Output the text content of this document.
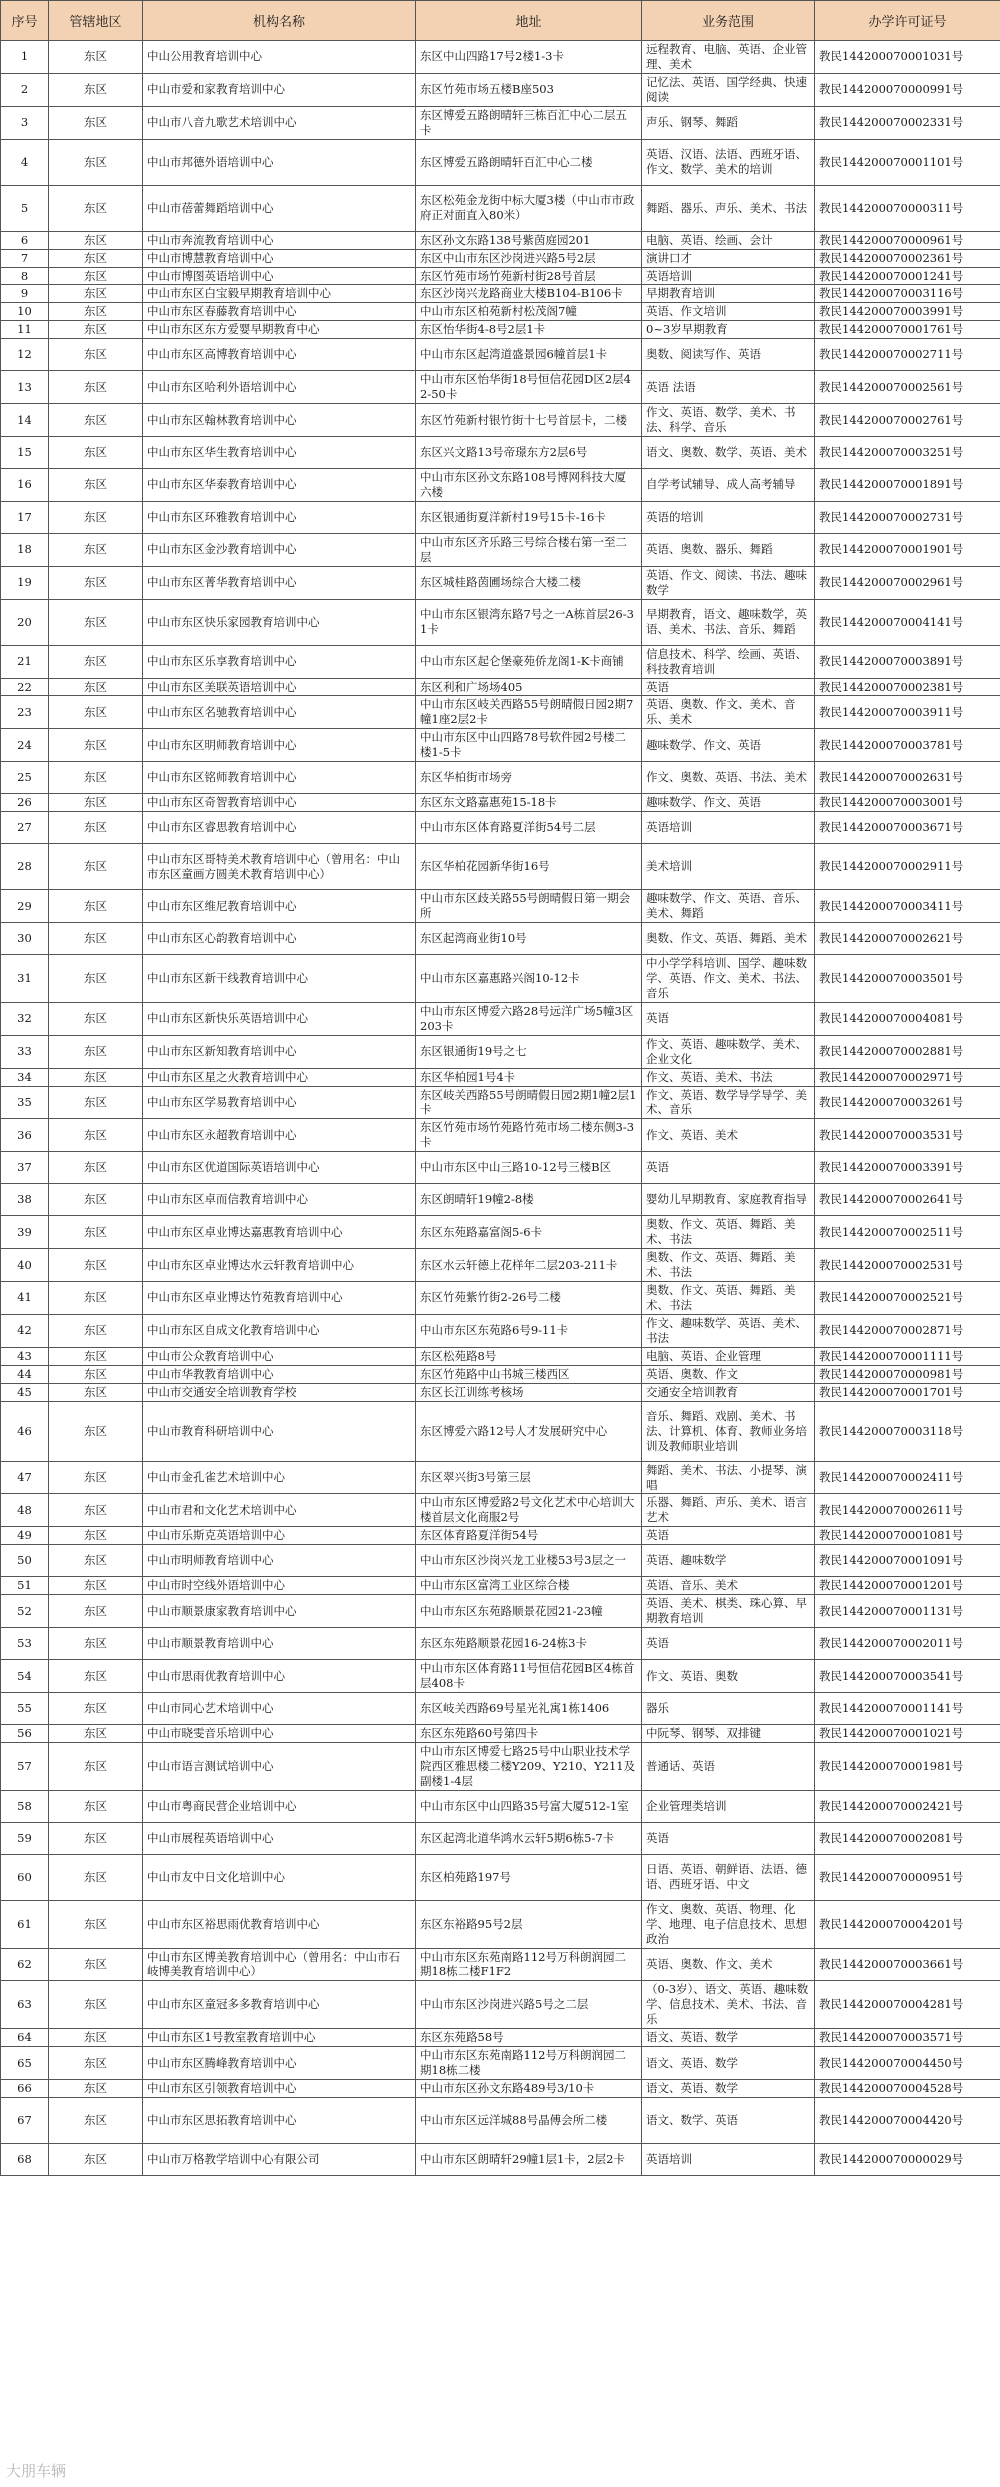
序号	管辖地区	机构名称	地址	业务范围	办学许可证号
1	东区	中山公用教育培训中心	东区中山四路17号2楼1-3卡	远程教育、电脑、英语、企业管理、美术	教民144200070001031号
2	东区	中山市爱和家教育培训中心	东区竹苑市场五楼B座503	记忆法、英语、国学经典、快速阅读	教民144200070000991号
3	东区	中山市八音九歌艺术培训中心	东区博爱五路朗晴轩三栋百汇中心二层五卡	声乐、钢琴、舞蹈	教民144200070002331号
4	东区	中山市邦德外语培训中心	东区博爱五路朗晴轩百汇中心二楼	英语、汉语、法语、西班牙语、作文、数学、美术的培训	教民144200070001101号
5	东区	中山市蓓蕾舞蹈培训中心	东区松苑金龙街中标大厦3楼（中山市市政府正对面直入80米）	舞蹈、器乐、声乐、美术、书法	教民144200070000311号
6	东区	中山市奔流教育培训中心	东区孙文东路138号紫茵庭园201	电脑、英语、绘画、会计	教民144200070000961号
7	东区	中山市博慧教育培训中心	东区中山市东区沙岗进兴路5号2层	演讲口才	教民144200070002361号
8	东区	中山市博图英语培训中心	东区竹苑市场竹苑新村街28号首层	英语培训	教民144200070001241号
9	东区	中山市东区白宝毅早期教育培训中心	东区沙岗兴龙路商业大楼B104-B106卡	早期教育培训	教民144200070003116号
10	东区	中山市东区春藤教育培训中心	中山市东区柏苑新村松茂阁7幢	英语、作文培训	教民144200070003991号
11	东区	中山市东区东方爱婴早期教育中心	东区怡华街4-8号2层1卡	0~3岁早期教育	教民144200070001761号
12	东区	中山市东区高博教育培训中心	中山市东区起湾道盛景园6幢首层1卡	奥数、阅读写作、英语	教民144200070002711号
13	东区	中山市东区哈利外语培训中心	中山市东区怡华街18号恒信花园D区2层42-50卡	英语 法语	教民144200070002561号
14	东区	中山市东区翰林教育培训中心	东区竹苑新村银竹街十七号首层卡，二楼	作文、英语、数学、美术、书法、科学、音乐	教民144200070002761号
15	东区	中山市东区华生教育培训中心	东区兴文路13号帝璟东方2层6号	语文、奥数、数学、英语、美术	教民144200070003251号
16	东区	中山市东区华泰教育培训中心	中山市东区孙文东路108号博网科技大厦六楼	自学考试辅导、成人高考辅导	教民144200070001891号
17	东区	中山市东区环雅教育培训中心	东区银通街夏洋新村19号15卡-16卡	英语的培训	教民144200070002731号
18	东区	中山市东区金沙教育培训中心	中山市东区齐乐路三号综合楼右第一至二层	英语、奥数、器乐、舞蹈	教民144200070001901号
19	东区	中山市东区菁华教育培训中心	东区城桂路茵圃场综合大楼二楼	英语、作文、阅读、书法、趣味数学	教民144200070002961号
20	东区	中山市东区快乐家园教育培训中心	中山市东区银湾东路7号之一A栋首层26-31卡	早期教育，语文、趣味数学，英语、美术、书法、音乐、舞蹈	教民144200070004141号
21	东区	中山市东区乐享教育培训中心	中山市东区起仑堡豪苑侨龙阁1-K卡商铺	信息技术、科学、绘画、英语、科技教育培训	教民144200070003891号
22	东区	中山市东区美联英语培训中心	东区利和广场场405	英语	教民144200070002381号
23	东区	中山市东区名驰教育培训中心	中山市东区岐关西路55号朗晴假日园2期7幢1座2层2卡	英语、奥数、作文、美术、音乐、美术	教民144200070003911号
24	东区	中山市东区明师教育培训中心	中山市东区中山四路78号软件园2号楼二楼1-5卡	趣味数学、作文、英语	教民144200070003781号
25	东区	中山市东区铭师教育培训中心	东区华柏街市场旁	作文、奥数、英语、书法、美术	教民144200070002631号
26	东区	中山市东区奇智教育培训中心	东区东文路嘉惠苑15-18卡	趣味数学、作文、英语	教民144200070003001号
27	东区	中山市东区睿思教育培训中心	中山市东区体育路夏洋街54号二层	英语培训	教民144200070003671号
28	东区	中山市东区哥特美术教育培训中心（曾用名：中山市东区童画方圆美术教育培训中心）	东区华柏花园新华街16号	美术培训	教民144200070002911号
29	东区	中山市东区维尼教育培训中心	中山市东区歧关路55号朗晴假日第一期会所	趣味数学、作文、英语、音乐、美术、舞蹈	教民144200070003411号
30	东区	中山市东区心韵教育培训中心	东区起湾商业街10号	奥数、作文、英语、舞蹈、美术	教民144200070002621号
31	东区	中山市东区新干线教育培训中心	中山市东区嘉惠路兴阁10-12卡	中小学学科培训、国学、趣味数学、英语、作文、美术、书法、音乐	教民144200070003501号
32	东区	中山市东区新快乐英语培训中心	中山市东区博爱六路28号远洋广场5幢3区203卡	英语	教民144200070004081号
33	东区	中山市东区新知教育培训中心	东区银通街19号之七	作文、英语、趣味数学、美术、企业文化	教民144200070002881号
34	东区	中山市东区星之火教育培训中心	东区华柏园1号4卡	作文、英语、美术、书法	教民144200070002971号
35	东区	中山市东区学易教育培训中心	东区岐关西路55号朗晴假日园2期1幢2层1卡	作文、英语、数学导学导学、美术、音乐	教民144200070003261号
36	东区	中山市东区永超教育培训中心	东区竹苑市场竹苑路竹苑市场二楼东侧3-3卡	作文、英语、美术	教民144200070003531号
37	东区	中山市东区优道国际英语培训中心	中山市东区中山三路10-12号三楼B区	英语	教民144200070003391号
38	东区	中山市东区卓而信教育培训中心	东区朗晴轩19幢2-8楼	婴幼儿早期教育、家庭教育指导	教民144200070002641号
39	东区	中山市东区卓业博达嘉惠教育培训中心	东区东苑路嘉富阁5-6卡	奥数、作文、英语、舞蹈、美术、书法	教民144200070002511号
40	东区	中山市东区卓业博达水云轩教育培训中心	东区水云轩德上花样年二层203-211卡	奥数、作文、英语、舞蹈、美术、书法	教民144200070002531号
41	东区	中山市东区卓业博达竹苑教育培训中心	东区竹苑紫竹街2-26号二楼	奥数、作文、英语、舞蹈、美术、书法	教民144200070002521号
42	东区	中山市东区自成文化教育培训中心	中山市东区东苑路6号9-11卡	作文、趣味数学、英语、美术、书法	教民144200070002871号
43	东区	中山市公众教育培训中心	东区松苑路8号	电脑、英语、企业管理	教民144200070001111号
44	东区	中山市华教教育培训中心	东区竹苑路中山书城三楼西区	英语、奥数、作文	教民144200070000981号
45	东区	中山市交通安全培训教育学校	东区长江训练考核场	交通安全培训教育	教民144200070001701号
46	东区	中山市教育科研培训中心	东区博爱六路12号人才发展研究中心	音乐、舞蹈、戏剧、美术、书法、计算机、体育、教师业务培训及教师职业培训	教民144200070003118号
47	东区	中山市金孔雀艺术培训中心	东区翠兴街3号第三层	舞蹈、美术、书法、小提琴、演唱	教民144200070002411号
48	东区	中山市君和文化艺术培训中心	中山市东区博爱路2号文化艺术中心培训大楼首层文化商服2号	乐器、舞蹈、声乐、美术、语言艺术	教民144200070002611号
49	东区	中山市乐斯克英语培训中心	东区体育路夏洋街54号	英语	教民144200070001081号
50	东区	中山市明师教育培训中心	中山市东区沙岗兴龙工业楼53号3层之一	英语、趣味数学	教民144200070001091号
51	东区	中山市时空线外语培训中心	中山市东区富湾工业区综合楼	英语、音乐、美术	教民144200070001201号
52	东区	中山市顺景康家教育培训中心	中山市东区东苑路顺景花园21-23幢	英语、美术、棋类、珠心算、早期教育培训	教民144200070001131号
53	东区	中山市顺景教育培训中心	东区东苑路顺景花园16-24栋3卡	英语	教民144200070002011号
54	东区	中山市思雨优教育培训中心	中山市东区体育路11号恒信花园B区4栋首层408卡	作文、英语、奥数	教民144200070003541号
55	东区	中山市同心艺术培训中心	东区岐关西路69号星光礼寓1栋1406	器乐	教民144200070001141号
56	东区	中山市晓雯音乐培训中心	东区东苑路60号第四卡	中阮琴、钢琴、双排键	教民144200070001021号
57	东区	中山市语言测试培训中心	中山市东区博爱七路25号中山职业技术学院西区雅思楼二楼Y209、Y210、Y211及副楼1-4层	普通话、英语	教民144200070001981号
58	东区	中山市粤商民营企业培训中心	中山市东区中山四路35号富大厦512-1室	企业管理类培训	教民144200070002421号
59	东区	中山市展程英语培训中心	东区起湾北道华鸿水云轩5期6栋5-7卡	英语	教民144200070002081号
60	东区	中山市友中日文化培训中心	东区柏苑路197号	日语、英语、朝鲜语、法语、德语、西班牙语、中文	教民144200070000951号
61	东区	中山市东区裕思雨优教育培训中心	东区东裕路95号2层	作文、奥数、英语、物理、化学、地理、电子信息技术、思想政治	教民144200070004201号
62	东区	中山市东区博美教育培训中心（曾用名：中山市石岐博美教育培训中心）	中山市东区东苑南路112号万科朗润园二期18栋二楼F1F2	英语、奥数、作文、美术	教民144200070003661号
63	东区	中山市东区童冠多多教育培训中心	中山市东区沙岗进兴路5号之二层	（0-3岁）、语文、英语、趣味数学、信息技术、美术、书法、音乐	教民144200070004281号
64	东区	中山市东区1号教室教育培训中心	东区东苑路58号	语文、英语、数学	教民144200070003571号
65	东区	中山市东区腾峰教育培训中心	中山市东区东苑南路112号万科朗润园二期18栋二楼	语文、英语、数学	教民144200070004450号
66	东区	中山市东区引领教育培训中心	中山市东区孙文东路489号3/10卡	语文、英语、数学	教民144200070004528号
67	东区	中山市东区思拓教育培训中心	中山市东区远洋城88号晶傅会所二楼	语文、数学、英语	教民144200070004420号
68	东区	中山市万格教学培训中心有限公司	中山市东区朗晴轩29幢1层1卡，2层2卡	英语培训	教民144200070000029号
大朋车辆
